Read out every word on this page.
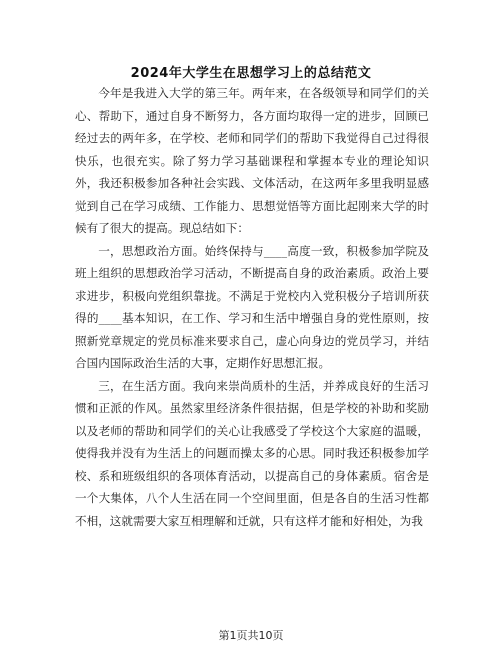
2024年大学生在思想学习上的总结范文

今年是我进入大学的第三年。两年来，在各级领导和同学们的关心、帮助下，通过自身不断努力，各方面均取得一定的进步，回顾已经过去的两年多，在学校、老师和同学们的帮助下我觉得自己过得很快乐，也很充实。除了努力学习基础课程和掌握本专业的理论知识外，我还积极参加各种社会实践、文体活动，在这两年多里我明显感觉到自己在学习成绩、工作能力、思想觉悟等方面比起刚来大学的时候有了很大的提高。现总结如下：

一，思想政治方面。始终保持与____高度一致，积极参加学院及班上组织的思想政治学习活动，不断提高自身的政治素质。政治上要求进步，积极向党组织靠拢。不满足于党校内入党积极分子培训所获得的____基本知识，在工作、学习和生活中增强自身的党性原则，按照新党章规定的党员标准来要求自己，虚心向身边的党员学习，并结合国内国际政治生活的大事，定期作好思想汇报。

三，在生活方面。我向来崇尚质朴的生活，并养成良好的生活习惯和正派的作风。虽然家里经济条件很拮据，但是学校的补助和奖励以及老师的帮助和同学们的关心让我感受了学校这个大家庭的温暖，使得我并没有为生活上的问题而操太多的心思。同时我还积极参加学校、系和班级组织的各项体育活动，以提高自己的身体素质。宿舍是一个大集体，八个人生活在同一个空间里面，但是各自的生活习性都不相，这就需要大家互相理解和迁就，只有这样才能和好相处，为我

第1页共10页
